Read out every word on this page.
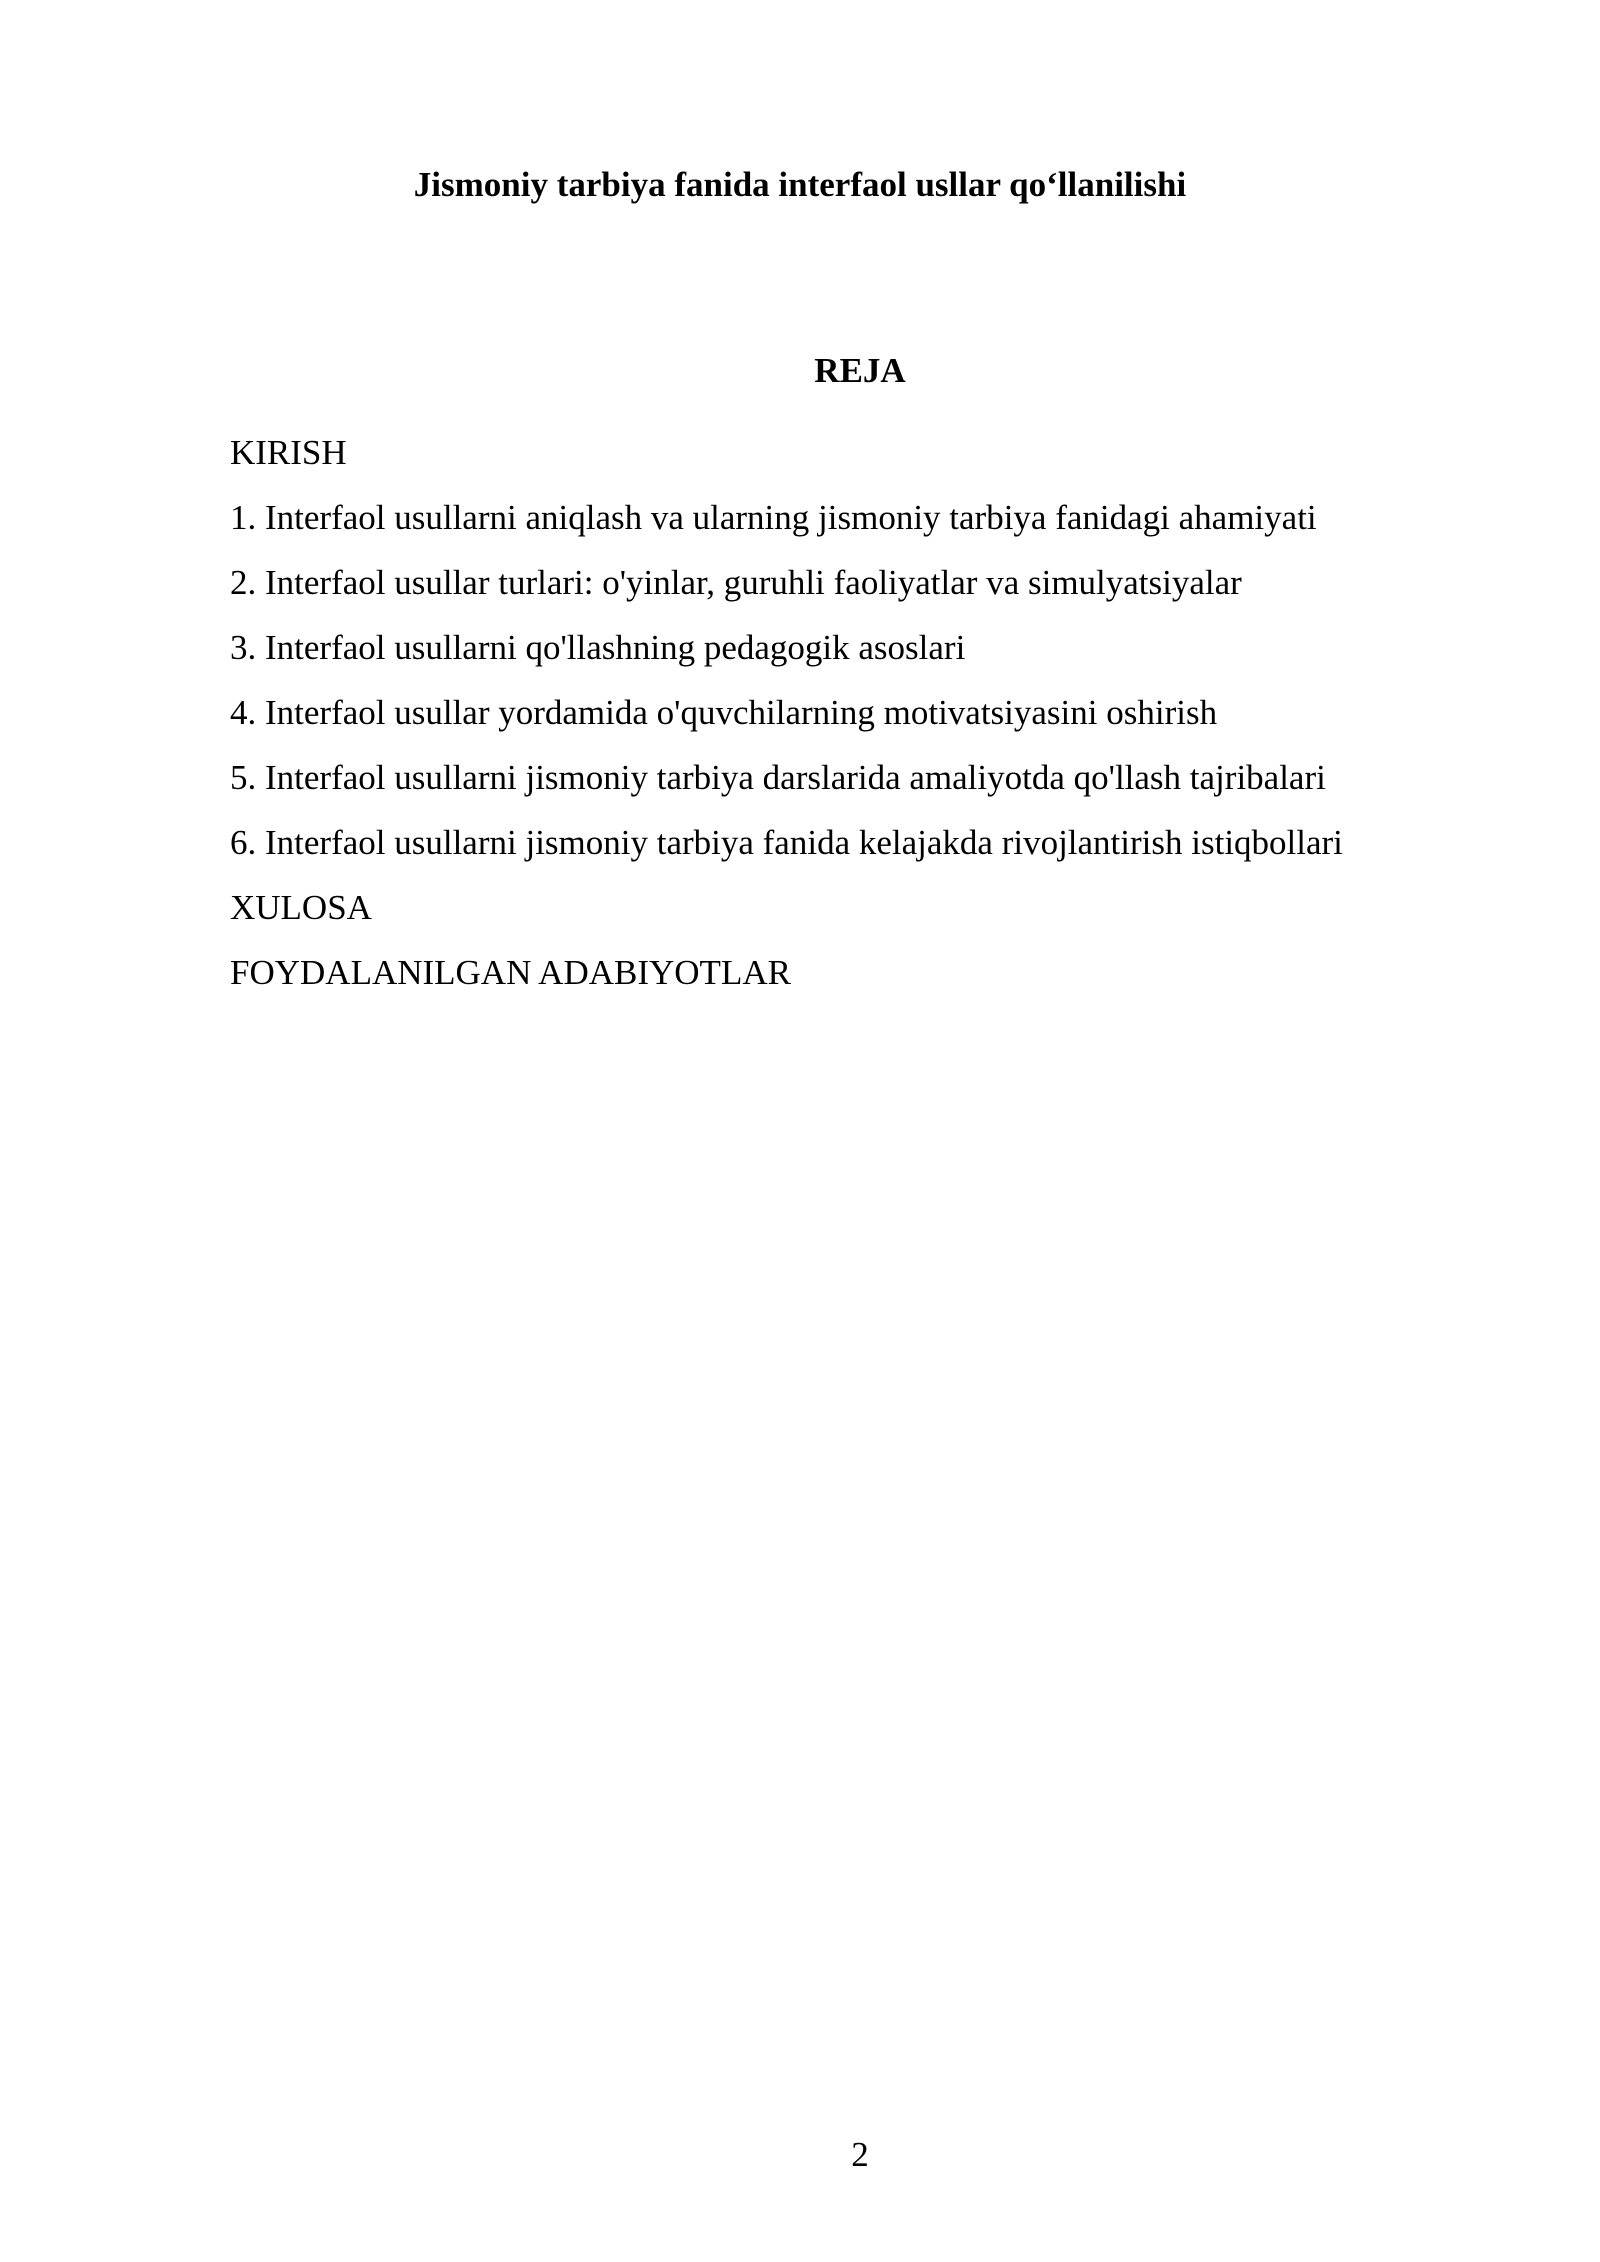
Jismoniy tarbiya fanida interfaol usllar qo‘llanilishi
REJA
KIRISH
1. Interfaol usullarni aniqlash va ularning jismoniy tarbiya fanidagi ahamiyati
2. Interfaol usullar turlari: o'yinlar, guruhli faoliyatlar va simulyatsiyalar
3. Interfaol usullarni qo'llashning pedagogik asoslari
4. Interfaol usullar yordamida o'quvchilarning motivatsiyasini oshirish
5. Interfaol usullarni jismoniy tarbiya darslarida amaliyotda qo'llash tajribalari
6. Interfaol usullarni jismoniy tarbiya fanida kelajakda rivojlantirish istiqbollari
XULOSA
FOYDALANILGAN ADABIYOTLAR
2
